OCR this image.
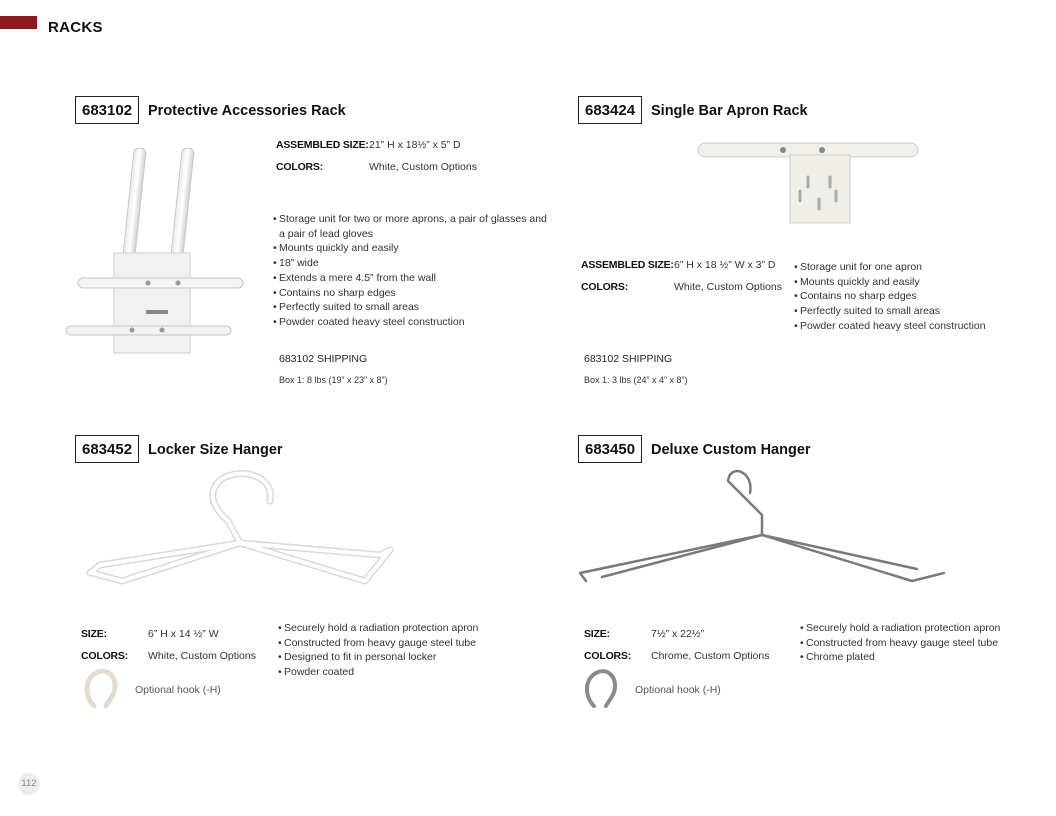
RACKS
683102	Protective Accessories Rack
ASSEMBLED SIZE: 21” H x 18½” x 5” D
COLORS:	White, Custom Options
• Storage unit for two or more aprons, a pair of glasses and
a pair of lead gloves
• Mounts quickly and easily
• 18” wide
• Extends a mere 4.5” from the wall
• Contains no sharp edges
• Perfectly suited to small areas
• Powder coated heavy steel construction
683102 SHIPPING
Box 1: 8 lbs (19” x 23” x 8”)
683424	Single Bar Apron Rack
ASSEMBLED SIZE: 6” H x 18 ½” W x 3” D
COLORS:	White, Custom Options
• Storage unit for one apron
• Mounts quickly and easily
• Contains no sharp edges
• Perfectly suited to small areas
• Powder coated heavy steel construction
683102 SHIPPING
Box 1: 3 lbs (24” x 4” x 8”)
683452	Locker Size Hanger
SIZE:	6” H x 14 ½” W
COLORS: White, Custom Options
• Securely hold a radiation protection apron
• Constructed from heavy gauge steel tube
• Designed to fit in personal locker
• Powder coated
Optional hook (-H)
683450	Deluxe Custom Hanger
SIZE:	7½” x 22½”
COLORS: Chrome, Custom Options
• Securely hold a radiation protection apron
• Constructed from heavy gauge steel tube
• Chrome plated
Optional hook (-H)
112
